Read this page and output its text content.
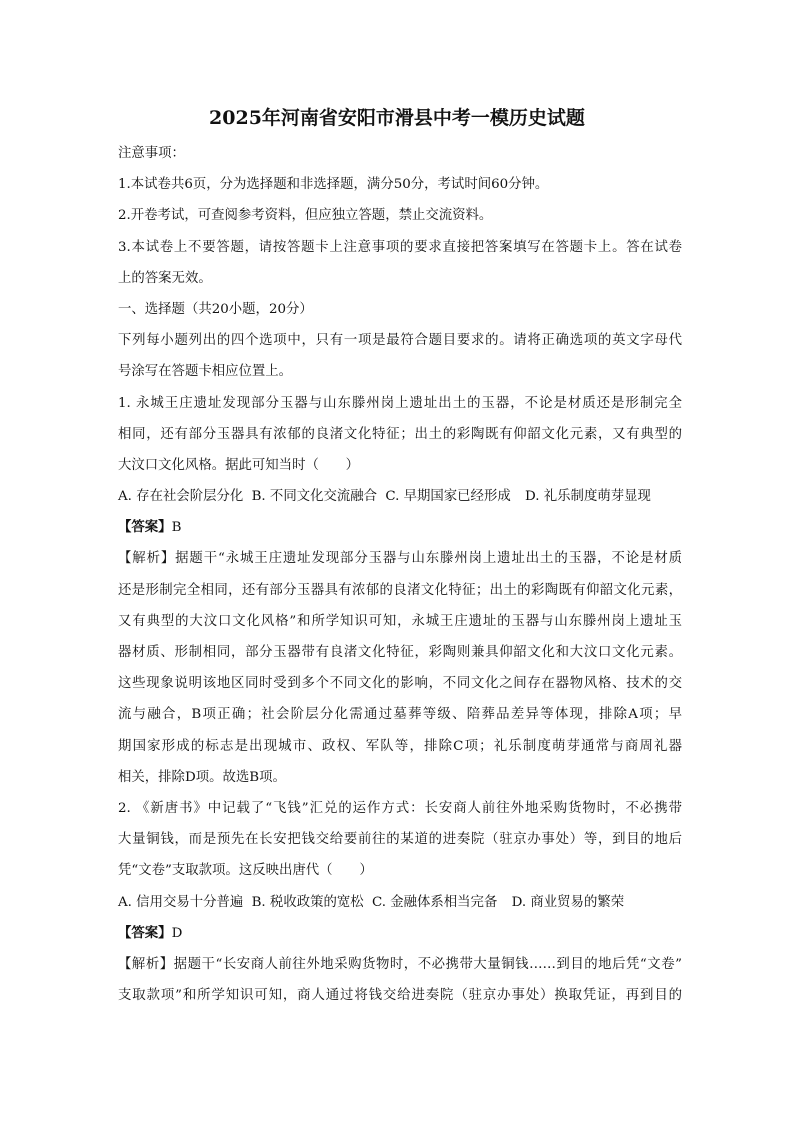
2025年河南省安阳市滑县中考一模历史试题
注意事项：
1.本试卷共6页，分为选择题和非选择题，满分50分，考试时间60分钟。
2.开卷考试，可查阅参考资料，但应独立答题，禁止交流资料。
3.本试卷上不要答题，请按答题卡上注意事项的要求直接把答案填写在答题卡上。答在试卷
上的答案无效。
一、选择题（共20小题，20分）
下列每小题列出的四个选项中，只有一项是最符合题目要求的。请将正确选项的英文字母代
号涂写在答题卡相应位置上。
1. 永城王庄遗址发现部分玉器与山东滕州岗上遗址出土的玉器，不论是材质还是形制完全
相同，还有部分玉器具有浓郁的良渚文化特征；出土的彩陶既有仰韶文化元素，又有典型的
大汶口文化风格。据此可知当时（　　）
A. 存在社会阶层分化 B. 不同文化交流融合 C. 早期国家已经形成 D. 礼乐制度萌芽显现
【答案】B
【解析】据题干“永城王庄遗址发现部分玉器与山东滕州岗上遗址出土的玉器，不论是材质
还是形制完全相同，还有部分玉器具有浓郁的良渚文化特征；出土的彩陶既有仰韶文化元素，
又有典型的大汶口文化风格”和所学知识可知，永城王庄遗址的玉器与山东滕州岗上遗址玉
器材质、形制相同，部分玉器带有良渚文化特征，彩陶则兼具仰韶文化和大汶口文化元素。
这些现象说明该地区同时受到多个不同文化的影响，不同文化之间存在器物风格、技术的交
流与融合，B项正确；社会阶层分化需通过墓葬等级、陪葬品差异等体现，排除A项；早
期国家形成的标志是出现城市、政权、军队等，排除C项；礼乐制度萌芽通常与商周礼器
相关，排除D项。故选B项。
2. 《新唐书》中记载了“飞钱”汇兑的运作方式：长安商人前往外地采购货物时，不必携带
大量铜钱，而是预先在长安把钱交给要前往的某道的进奏院（驻京办事处）等，到目的地后
凭“文卷”支取款项。这反映出唐代（　　）
A. 信用交易十分普遍 B. 税收政策的宽松 C. 金融体系相当完备 D. 商业贸易的繁荣
【答案】D
【解析】据题干“长安商人前往外地采购货物时，不必携带大量铜钱……到目的地后凭“文卷”
支取款项”和所学知识可知，商人通过将钱交给进奏院（驻京办事处）换取凭证，再到目的
